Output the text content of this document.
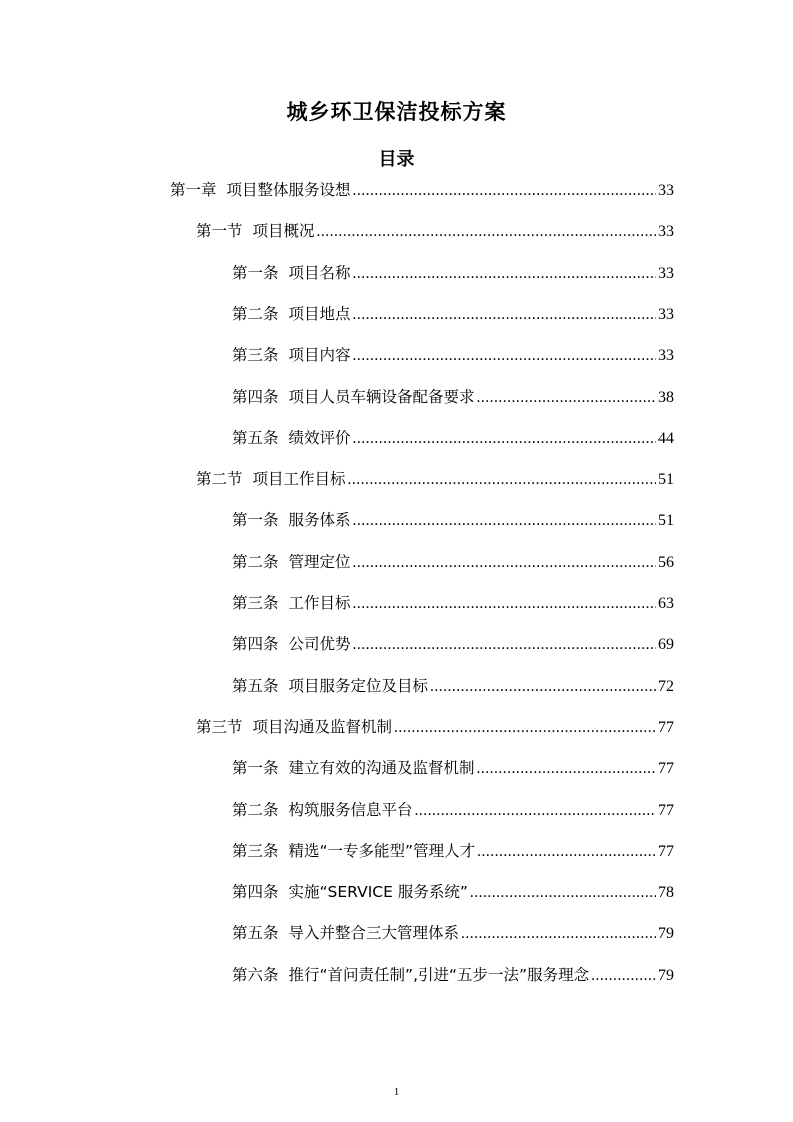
城乡环卫保洁投标方案
目录
第一章 项目整体服务设想 .....	33
第一节 项目概况 .....	33
第一条 项目名称 .....	33
第二条 项目地点 .....	33
第三条 项目内容 .....	33
第四条 项目人员车辆设备配备要求 .....	38
第五条 绩效评价 .....	44
第二节 项目工作目标 .....	51
第一条 服务体系 .....	51
第二条 管理定位 .....	56
第三条 工作目标 .....	63
第四条 公司优势 .....	69
第五条 项目服务定位及目标 .....	72
第三节 项目沟通及监督机制 .....	77
第一条 建立有效的沟通及监督机制 .....	77
第二条 构筑服务信息平台 .....	77
第三条 精选“一专多能型”管理人才 .....	77
第四条 实施“SERVICE 服务系统” .....	78
第五条 导入并整合三大管理体系 .....	79
第六条 推行“首问责任制”,引进“五步一法”服务理念 .....	79
1
